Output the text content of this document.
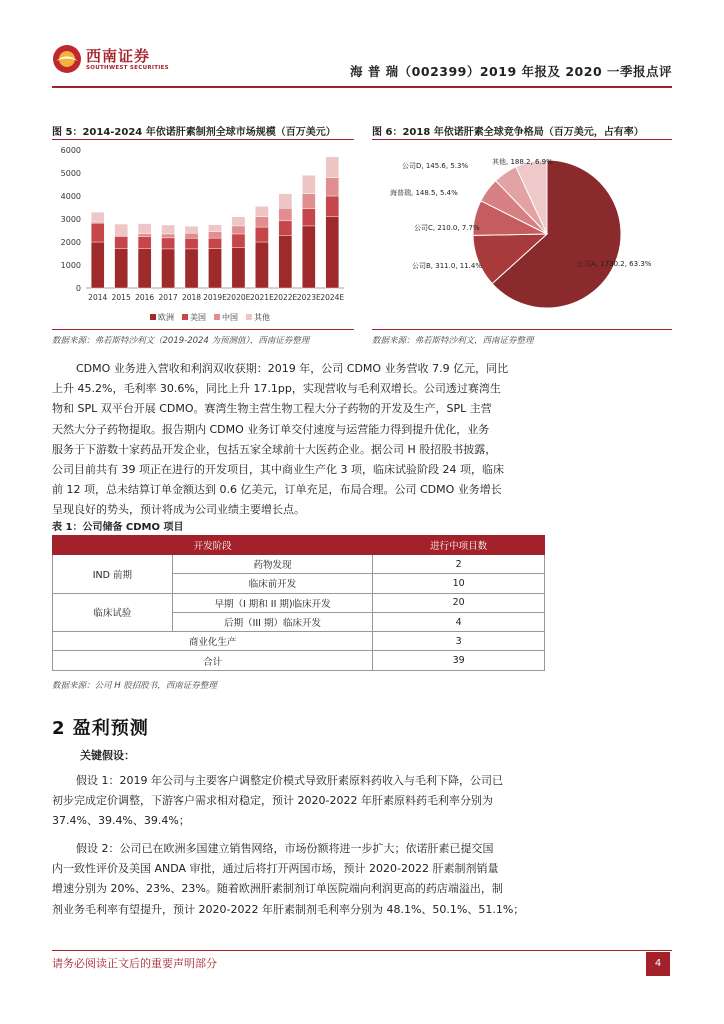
西南证券
SOUTHWEST SECURITIES	海 普 瑞（002399）2019 年报及 2020 一季报点评
图 5：2014-2024 年依诺肝素制剂全球市场规模（百万美元）
0
1000
2000
3000
4000
5000
6000
2014 2015 2016 2017 2018 2019E 2020E 2021E 2022E 2023E 2024E
欧洲 美国 中国 其他
数据来源：弗若斯特沙利文（2019-2024 为预测值），西南证券整理
图 6：2018 年依诺肝素全球竞争格局（百万美元，占有率）
公司A, 1730.2, 63.3%
公司B, 311.0, 11.4%
公司C, 210.0, 7.7%
海普瑞, 148.5, 5.4%
公司D, 145.6, 5.3%	其他, 188.2, 6.9%
数据来源：弗若斯特沙利文，西南证券整理
CDMO 业务进入营收和利润双收获期：2019 年，公司 CDMO 业务营收 7.9 亿元，同比
上升 45.2%，毛利率 30.6%，同比上升 17.1pp，实现营收与毛利双增长。公司透过赛湾生
物和 SPL 双平台开展 CDMO。赛湾生物主营生物工程大分子药物的开发及生产，SPL 主营
天然大分子药物提取。报告期内 CDMO 业务订单交付速度与运营能力得到提升优化，业务
服务于下游数十家药品开发企业，包括五家全球前十大医药企业。据公司 H 股招股书披露，
公司目前共有 39 项正在进行的开发项目，其中商业生产化 3 项，临床试验阶段 24 项，临床
前 12 项，总未结算订单金额达到 0.6 亿美元，订单充足，布局合理。公司 CDMO 业务增长
呈现良好的势头，预计将成为公司业绩主要增长点。
表 1：公司储备 CDMO 项目
开发阶段		进行中项目数
IND 前期	药物发现	2
	临床前开发	10
临床试验	早期（I 期和 II 期)临床开发	20
	后期（III 期）临床开发	4
商业化生产		3
合计		39
数据来源：公司 H 股招股书，西南证券整理
2 盈利预测
关键假设：
假设 1：2019 年公司与主要客户调整定价模式导致肝素原料药收入与毛利下降，公司已
初步完成定价调整，下游客户需求相对稳定，预计 2020-2022 年肝素原料药毛利率分别为
37.4%、39.4%、39.4%；
假设 2：公司已在欧洲多国建立销售网络，市场份额将进一步扩大；依诺肝素已提交国
内一致性评价及美国 ANDA 审批，通过后将打开两国市场，预计 2020-2022 肝素制剂销量
增速分别为 20%、23%、23%。随着欧洲肝素制剂订单医院端向利润更高的药店端溢出，制
剂业务毛利率有望提升，预计 2020-2022 年肝素制剂毛利率分别为 48.1%、50.1%、51.1%；
请务必阅读正文后的重要声明部分	4
